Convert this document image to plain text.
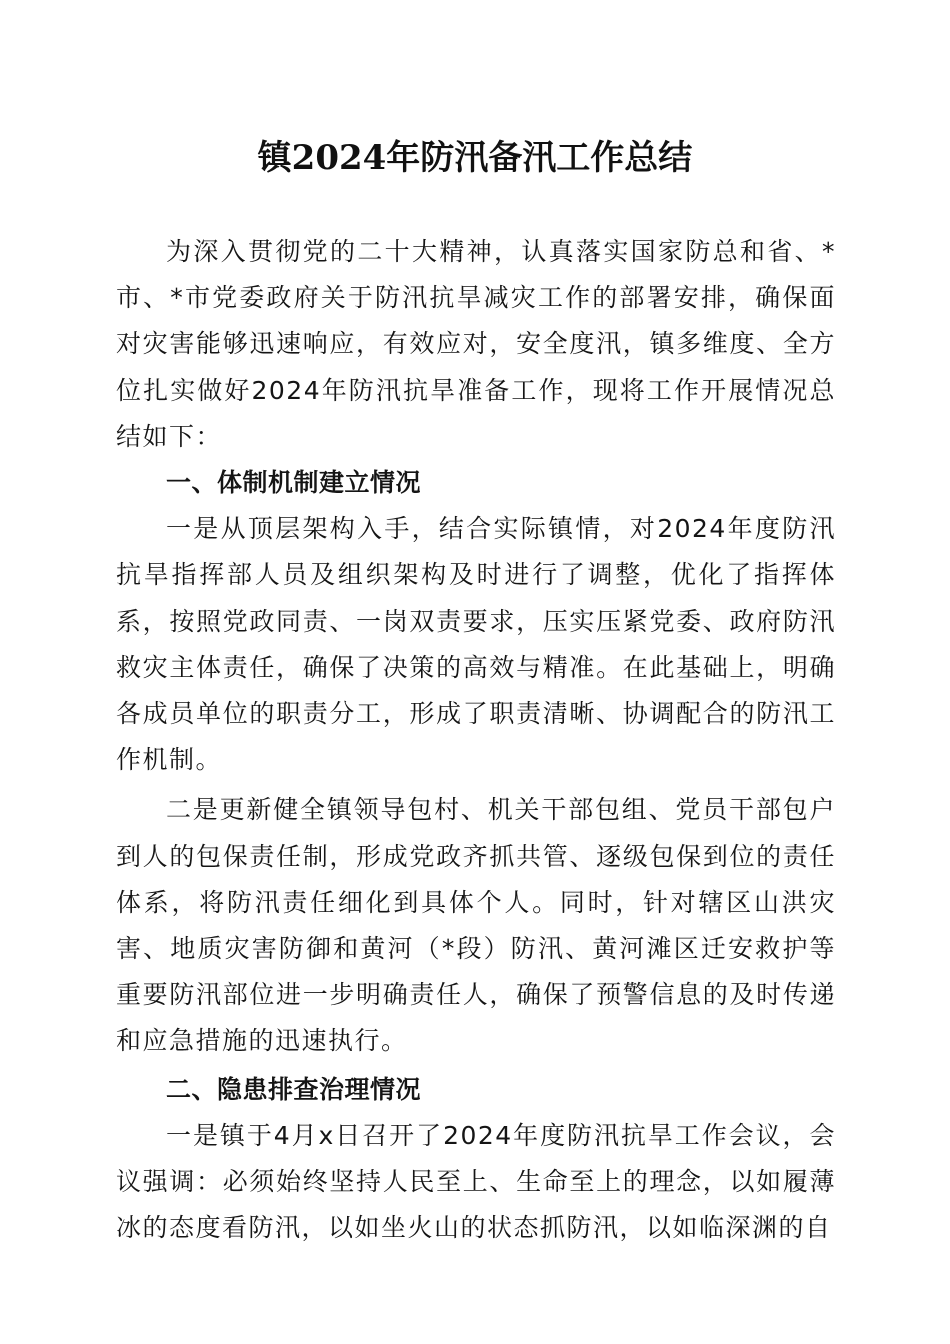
镇2024年防汛备汛工作总结

为深入贯彻党的二十大精神，认真落实国家防总和省、*市、*市党委政府关于防汛抗旱减灾工作的部署安排，确保面对灾害能够迅速响应，有效应对，安全度汛，镇多维度、全方位扎实做好2024年防汛抗旱准备工作，现将工作开展情况总结如下：

一、体制机制建立情况

一是从顶层架构入手，结合实际镇情，对2024年度防汛抗旱指挥部人员及组织架构及时进行了调整，优化了指挥体系，按照党政同责、一岗双责要求，压实压紧党委、政府防汛救灾主体责任，确保了决策的高效与精准。在此基础上，明确各成员单位的职责分工，形成了职责清晰、协调配合的防汛工作机制。

二是更新健全镇领导包村、机关干部包组、党员干部包户到人的包保责任制，形成党政齐抓共管、逐级包保到位的责任体系，将防汛责任细化到具体个人。同时，针对辖区山洪灾害、地质灾害防御和黄河（*段）防汛、黄河滩区迁安救护等重要防汛部位进一步明确责任人，确保了预警信息的及时传递和应急措施的迅速执行。

二、隐患排查治理情况

一是镇于4月x日召开了2024年度防汛抗旱工作会议，会议强调：必须始终坚持人民至上、生命至上的理念，以如履薄冰的态度看防汛，以如坐火山的状态抓防汛，以如临深渊的自
